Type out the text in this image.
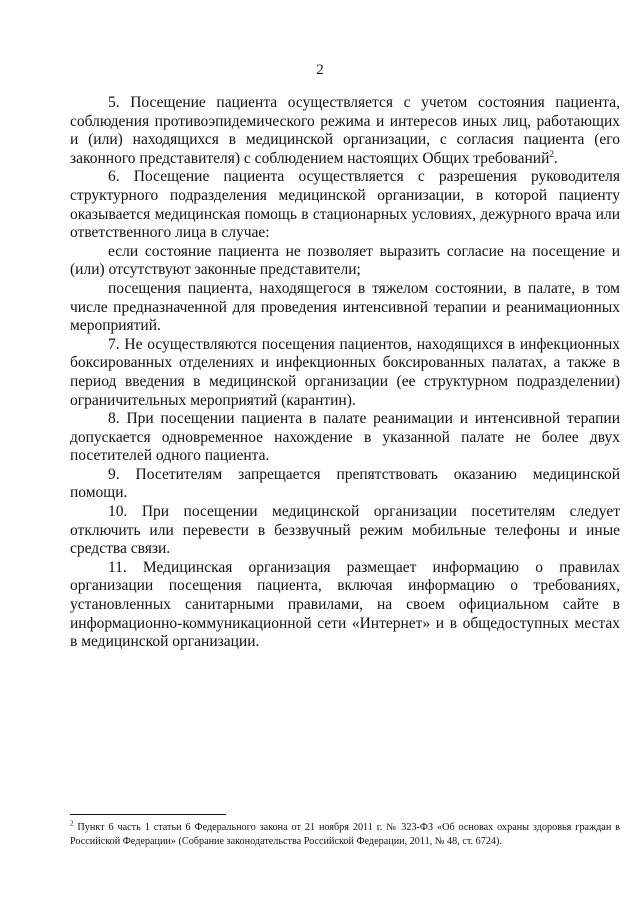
2

5. Посещение пациента осуществляется с учетом состояния пациента, соблюдения противоэпидемического режима и интересов иных лиц, работающих и (или) находящихся в медицинской организации, с согласия пациента (его законного представителя) с соблюдением настоящих Общих требований$^2$.

6. Посещение пациента осуществляется с разрешения руководителя структурного подразделения медицинской организации, в которой пациенту оказывается медицинская помощь в стационарных условиях, дежурного врача или ответственного лица в случае:

если состояние пациента не позволяет выразить согласие на посещение и (или) отсутствуют законные представители;

посещения пациента, находящегося в тяжелом состоянии, в палате, в том числе предназначенной для проведения интенсивной терапии и реанимационных мероприятий.

7. Не осуществляются посещения пациентов, находящихся в инфекционных боксированных отделениях и инфекционных боксированных палатах, а также в период введения в медицинской организации (ее структурном подразделении) ограничительных мероприятий (карантин).

8. При посещении пациента в палате реанимации и интенсивной терапии допускается одновременное нахождение в указанной палате не более двух посетителей одного пациента.

9. Посетителям запрещается препятствовать оказанию медицинской помощи.

10. При посещении медицинской организации посетителям следует отключить или перевести в беззвучный режим мобильные телефоны и иные средства связи.

11. Медицинская организация размещает информацию о правилах организации посещения пациента, включая информацию о требованиях, установленных санитарными правилами, на своем официальном сайте в информационно-коммуникационной сети «Интернет» и в общедоступных местах в медицинской организации.

$^2$ Пункт 6 часть 1 статьи 6 Федерального закона от 21 ноября 2011 г. № 323-ФЗ «Об основах охраны здоровья граждан в Российской Федерации» (Собрание законодательства Российской Федерации, 2011, № 48, ст. 6724).
